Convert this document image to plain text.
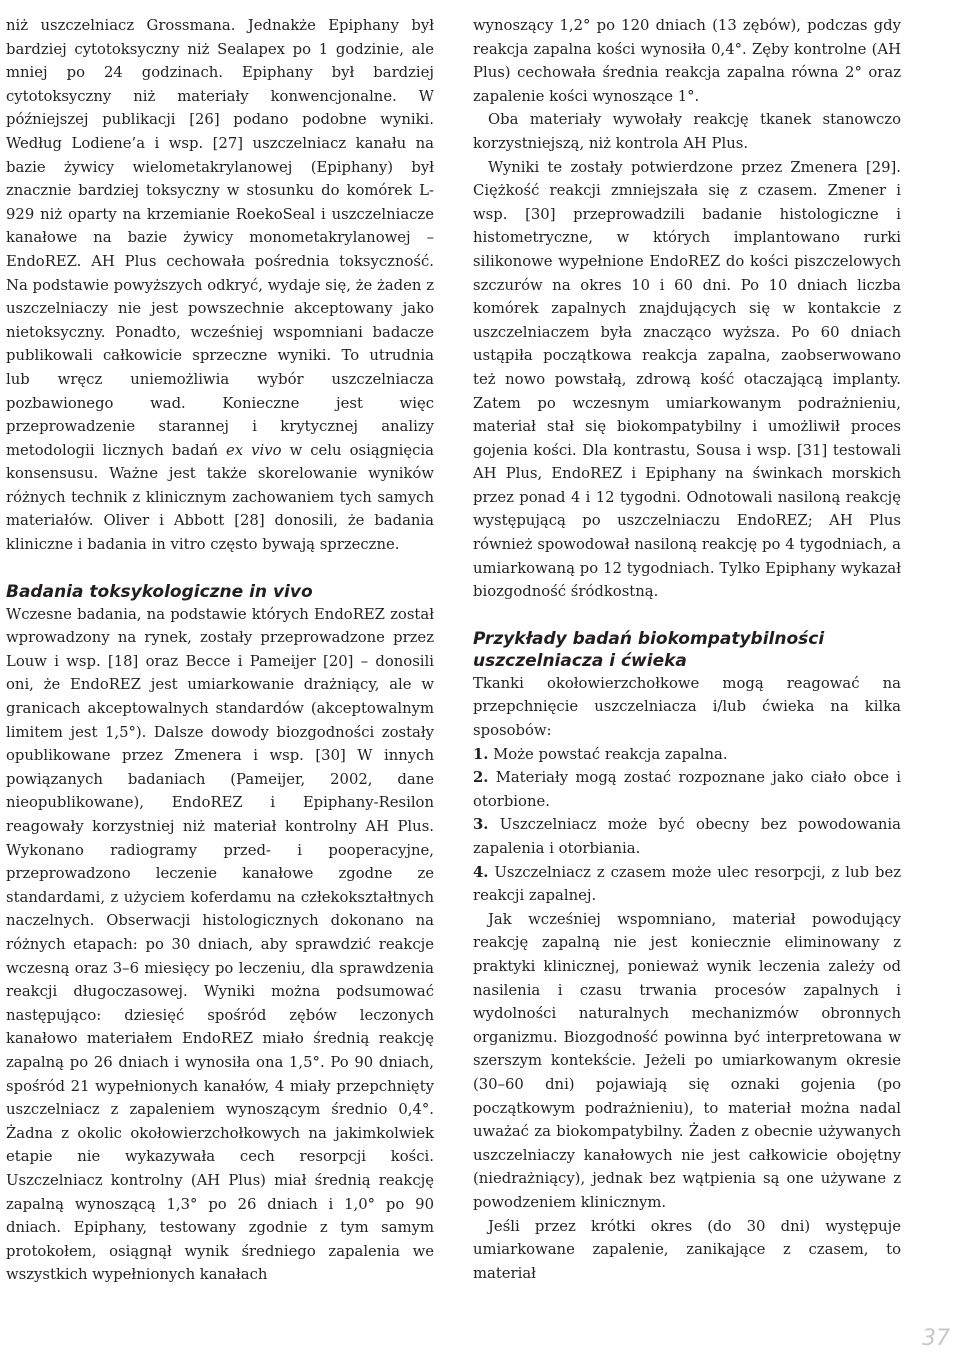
niż uszczelniacz Grossmana. Jednakże Epiphany był bardziej cytotoksyczny niż Sealapex po 1 godzinie, ale mniej po 24 godzinach. Epiphany był bardziej cytotoksyczny niż materiały konwencjonalne. W późniejszej publikacji [26] podano podobne wyniki. Według Lodiene’a i wsp. [27] uszczelniacz kanału na bazie żywicy wielometakrylanowej (Epiphany) był znacznie bardziej toksyczny w stosunku do komórek L-929 niż oparty na krzemianie RoekoSeal i uszczelniacze kanałowe na bazie żywicy monometakrylanowej – EndoREZ. AH Plus cechowała pośrednia toksyczność. Na podstawie powyższych odkryć, wydaje się, że żaden z uszczelniaczy nie jest powszechnie akceptowany jako nietoksyczny. Ponadto, wcześniej wspomniani badacze publikowali całkowicie sprzeczne wyniki. To utrudnia lub wręcz uniemożliwia wybór uszczelniacza pozbawionego wad. Konieczne jest więc przeprowadzenie starannej i krytycznej analizy metodologii licznych badań ex vivo w celu osiągnięcia konsensusu. Ważne jest także skorelowanie wyników różnych technik z klinicznym zachowaniem tych samych materiałów. Oliver i Abbott [28] donosili, że badania kliniczne i badania in vitro często bywają sprzeczne.

Badania toksykologiczne in vivo

Wczesne badania, na podstawie których EndoREZ został wprowadzony na rynek, zostały przeprowadzone przez Louw i wsp. [18] oraz Becce i Pameijer [20] – donosili oni, że EndoREZ jest umiarkowanie drażniący, ale w granicach akceptowalnych standardów (akceptowalnym limitem jest 1,5°). Dalsze dowody biozgodności zostały opublikowane przez Zmenera i wsp. [30] W innych powiązanych badaniach (Pameijer, 2002, dane nieopublikowane), EndoREZ i Epiphany-Resilon reagowały korzystniej niż materiał kontrolny AH Plus. Wykonano radiogramy przed- i pooperacyjne, przeprowadzono leczenie kanałowe zgodne ze standardami, z użyciem koferdamu na człekokształtnych naczelnych. Obserwacji histologicznych dokonano na różnych etapach: po 30 dniach, aby sprawdzić reakcje wczesną oraz 3–6 miesięcy po leczeniu, dla sprawdzenia reakcji długoczasowej. Wyniki można podsumować następująco: dziesięć spośród zębów leczonych kanałowo materiałem EndoREZ miało średnią reakcję zapalną po 26 dniach i wynosiła ona 1,5°. Po 90 dniach, spośród 21 wypełnionych kanałów, 4 miały przepchnięty uszczelniacz z zapaleniem wynoszącym średnio 0,4°. Żadna z okolic okołowierzchołkowych na jakimkolwiek etapie nie wykazywała cech resorpcji kości. Uszczelniacz kontrolny (AH Plus) miał średnią reakcję zapalną wynoszącą 1,3° po 26 dniach i 1,0° po 90 dniach. Epiphany, testowany zgodnie z tym samym protokołem, osiągnął wynik średniego zapalenia we wszystkich wypełnionych kanałach

wynoszący 1,2° po 120 dniach (13 zębów), podczas gdy reakcja zapalna kości wynosiła 0,4°. Zęby kontrolne (AH Plus) cechowała średnia reakcja zapalna równa 2° oraz zapalenie kości wynoszące 1°.

Oba materiały wywołały reakcję tkanek stanowczo korzystniejszą, niż kontrola AH Plus.

Wyniki te zostały potwierdzone przez Zmenera [29]. Ciężkość reakcji zmniejszała się z czasem. Zmener i wsp. [30] przeprowadzili badanie histologiczne i histometryczne, w których implantowano rurki silikonowe wypełnione EndoREZ do kości piszczelowych szczurów na okres 10 i 60 dni. Po 10 dniach liczba komórek zapalnych znajdujących się w kontakcie z uszczelniaczem była znacząco wyższa. Po 60 dniach ustąpiła początkowa reakcja zapalna, zaobserwowano też nowo powstałą, zdrową kość otaczającą implanty. Zatem po wczesnym umiarkowanym podrażnieniu, materiał stał się biokompatybilny i umożliwił proces gojenia kości. Dla kontrastu, Sousa i wsp. [31] testowali AH Plus, EndoREZ i Epiphany na świnkach morskich przez ponad 4 i 12 tygodni. Odnotowali nasiloną reakcję występującą po uszczelniaczu EndoREZ; AH Plus również spowodował nasiloną reakcję po 4 tygodniach, a umiarkowaną po 12 tygodniach. Tylko Epiphany wykazał biozgodność śródkostną.

Przykłady badań biokompatybilności uszczelniacza i ćwieka

Tkanki okołowierzchołkowe mogą reagować na przepchnięcie uszczelniacza i/lub ćwieka na kilka sposobów:

1. Może powstać reakcja zapalna.

2. Materiały mogą zostać rozpoznane jako ciało obce i otorbione.

3. Uszczelniacz może być obecny bez powodowania zapalenia i otorbiania.

4. Uszczelniacz z czasem może ulec resorpcji, z lub bez reakcji zapalnej.

Jak wcześniej wspomniano, materiał powodujący reakcję zapalną nie jest koniecznie eliminowany z praktyki klinicznej, ponieważ wynik leczenia zależy od nasilenia i czasu trwania procesów zapalnych i wydolności naturalnych mechanizmów obronnych organizmu. Biozgodność powinna być interpretowana w szerszym kontekście. Jeżeli po umiarkowanym okresie (30–60 dni) pojawiają się oznaki gojenia (po początkowym podrażnieniu), to materiał można nadal uważać za biokompatybilny. Żaden z obecnie używanych uszczelniaczy kanałowych nie jest całkowicie obojętny (niedrażniący), jednak bez wątpienia są one używane z powodzeniem klinicznym.

Jeśli przez krótki okres (do 30 dni) występuje umiarkowane zapalenie, zanikające z czasem, to materiał

37
